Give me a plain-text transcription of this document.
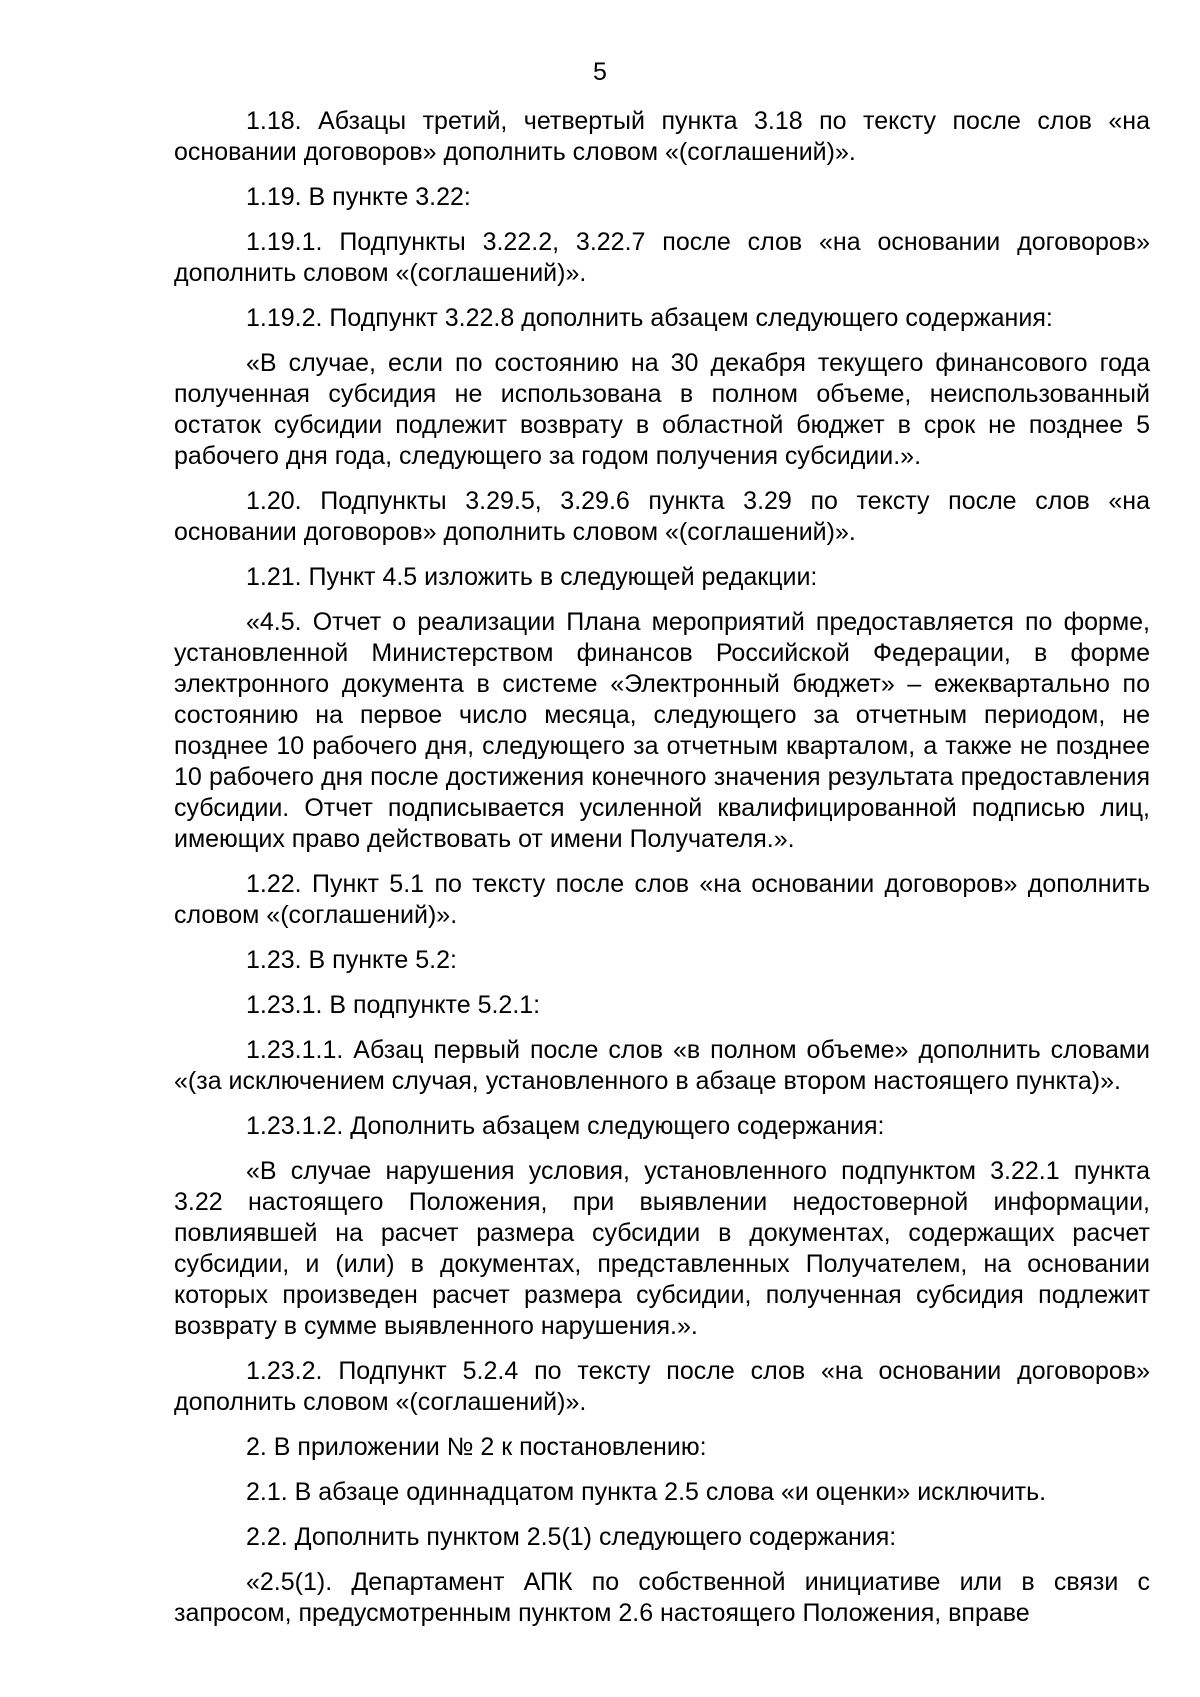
5

1.18. Абзацы третий, четвертый пункта 3.18 по тексту после слов «на основании договоров» дополнить словом «(соглашений)».

1.19. В пункте 3.22:

1.19.1. Подпункты 3.22.2, 3.22.7 после слов «на основании договоров» дополнить словом «(соглашений)».

1.19.2. Подпункт 3.22.8 дополнить абзацем следующего содержания:

«В случае, если по состоянию на 30 декабря текущего финансового года полученная субсидия не использована в полном объеме, неиспользованный остаток субсидии подлежит возврату в областной бюджет в срок не позднее 5 рабочего дня года, следующего за годом получения субсидии.».

1.20. Подпункты 3.29.5, 3.29.6 пункта 3.29 по тексту после слов «на основании договоров» дополнить словом «(соглашений)».

1.21. Пункт 4.5 изложить в следующей редакции:

«4.5. Отчет о реализации Плана мероприятий предоставляется по форме, установленной Министерством финансов Российской Федерации, в форме электронного документа в системе «Электронный бюджет» – ежеквартально по состоянию на первое число месяца, следующего за отчетным периодом, не позднее 10 рабочего дня, следующего за отчетным кварталом, а также не позднее 10 рабочего дня после достижения конечного значения результата предоставления субсидии. Отчет подписывается усиленной квалифицированной подписью лиц, имеющих право действовать от имени Получателя.».

1.22. Пункт 5.1 по тексту после слов «на основании договоров» дополнить словом «(соглашений)».

1.23. В пункте 5.2:

1.23.1. В подпункте 5.2.1:

1.23.1.1. Абзац первый после слов «в полном объеме» дополнить словами «(за исключением случая, установленного в абзаце втором настоящего пункта)».

1.23.1.2. Дополнить абзацем следующего содержания:

«В случае нарушения условия, установленного подпунктом 3.22.1 пункта 3.22 настоящего Положения, при выявлении недостоверной информации, повлиявшей на расчет размера субсидии в документах, содержащих расчет субсидии, и (или) в документах, представленных Получателем, на основании которых произведен расчет размера субсидии, полученная субсидия подлежит возврату в сумме выявленного нарушения.».

1.23.2. Подпункт 5.2.4 по тексту после слов «на основании договоров» дополнить словом «(соглашений)».

2. В приложении № 2 к постановлению:

2.1. В абзаце одиннадцатом пункта 2.5 слова «и оценки» исключить.

2.2. Дополнить пунктом 2.5(1) следующего содержания:

«2.5(1). Департамент АПК по собственной инициативе или в связи с запросом, предусмотренным пунктом 2.6 настоящего Положения, вправе
